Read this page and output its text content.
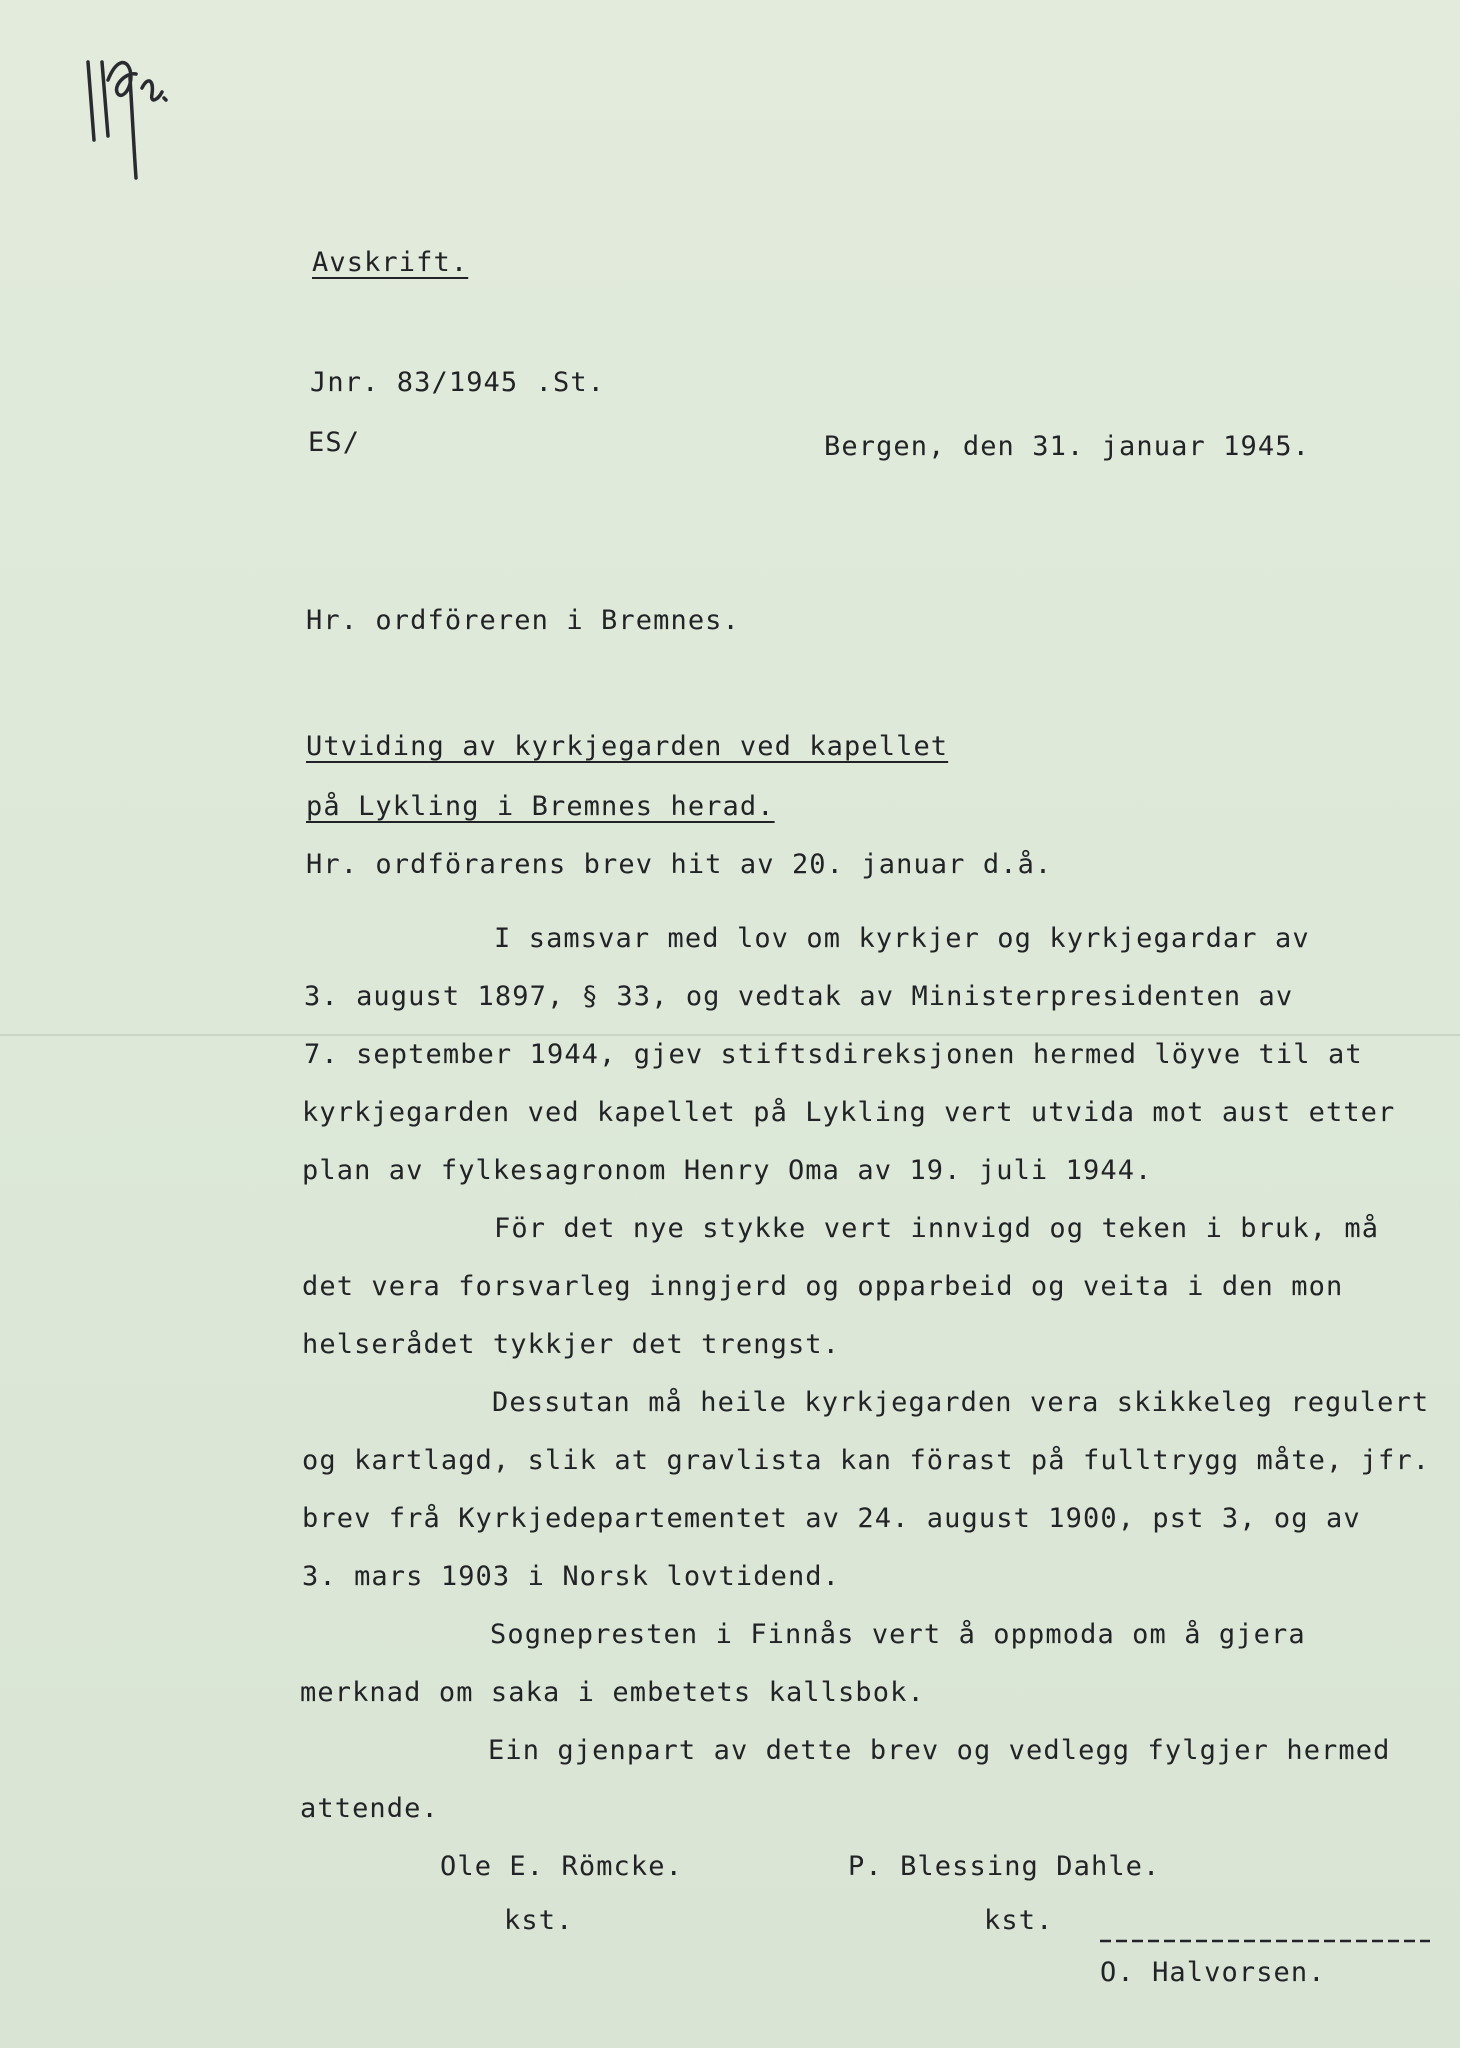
Avskrift.
Jnr. 83/1945 .St.
ES/	Bergen, den 31. januar 1945.
Hr. ordföreren i Bremnes.
Utviding av kyrkjegarden ved kapellet
på Lykling i Bremnes herad.
Hr. ordförarens brev hit av 20. januar d.å.
I samsvar med lov om kyrkjer og kyrkjegardar av
3. august 1897, § 33, og vedtak av Ministerpresidenten av
7. september 1944, gjev stiftsdireksjonen hermed löyve til at
kyrkjegarden ved kapellet på Lykling vert utvida mot aust etter
plan av fylkesagronom Henry Oma av 19. juli 1944.
För det nye stykke vert innvigd og teken i bruk, må
det vera forsvarleg inngjerd og opparbeid og veita i den mon
helserådet tykkjer det trengst.
Dessutan må heile kyrkjegarden vera skikkeleg regulert
og kartlagd, slik at gravlista kan förast på fulltrygg måte, jfr.
brev frå Kyrkjedepartementet av 24. august 1900, pst 3, og av
3. mars 1903 i Norsk lovtidend.
Sognepresten i Finnås vert å oppmoda om å gjera
merknad om saka i embetets kallsbok.
Ein gjenpart av dette brev og vedlegg fylgjer hermed
attende.
Ole E. Römcke.
kst.
P. Blessing Dahle.
kst.
O. Halvorsen.
